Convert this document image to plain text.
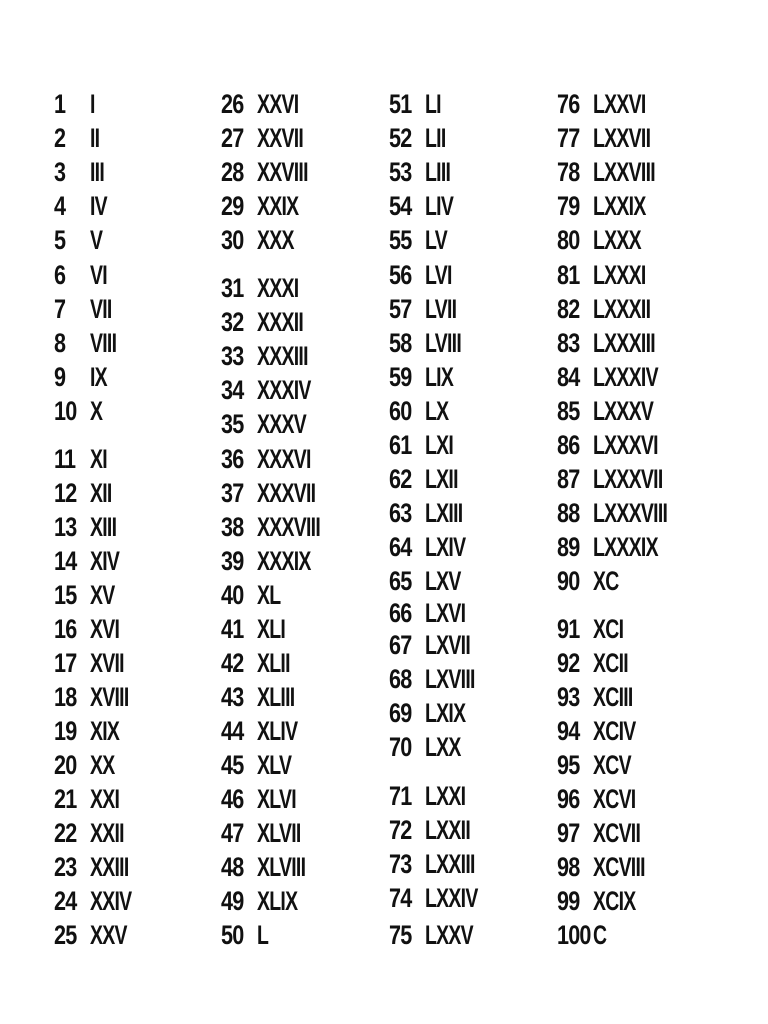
1 I
2 II
3 III
4 IV
5 V
6 VI
7 VII
8 VIII
9 IX
10 X
11 XI
12 XII
13 XIII
14 XIV
15 XV
16 XVI
17 XVII
18 XVIII
19 XIX
20 XX
21 XXI
22 XXII
23 XXIII
24 XXIV
25 XXV
26 XXVI
27 XXVII
28 XXVIII
29 XXIX
30 XXX
31 XXXI
32 XXXII
33 XXXIII
34 XXXIV
35 XXXV
36 XXXVI
37 XXXVII
38 XXXVIII
39 XXXIX
40 XL
41 XLI
42 XLII
43 XLIII
44 XLIV
45 XLV
46 XLVI
47 XLVII
48 XLVIII
49 XLIX
50 L
51 LI
52 LII
53 LIII
54 LIV
55 LV
56 LVI
57 LVII
58 LVIII
59 LIX
60 LX
61 LXI
62 LXII
63 LXIII
64 LXIV
65 LXV
66 LXVI
67 LXVII
68 LXVIII
69 LXIX
70 LXX
71 LXXI
72 LXXII
73 LXXIII
74 LXXIV
75 LXXV
76 LXXVI
77 LXXVII
78 LXXVIII
79 LXXIX
80 LXXX
81 LXXXI
82 LXXXII
83 LXXXIII
84 LXXXIV
85 LXXXV
86 LXXXVI
87 LXXXVII
88 LXXXVIII
89 LXXXIX
90 XC
91 XCI
92 XCII
93 XCIII
94 XCIV
95 XCV
96 XCVI
97 XCVII
98 XCVIII
99 XCIX
100C
